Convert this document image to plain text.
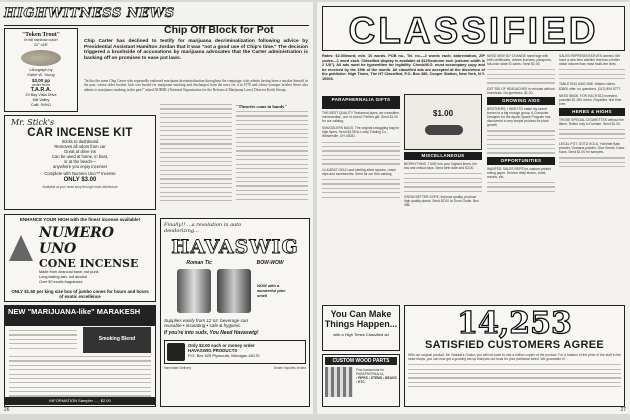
HIGHWITNESS NEWS
"Token Trout"
in full rainbow color!
22" x28"
Lithograph by
Kathe W. Young
$3.00 pp
order from
T.A.R.A.
29 Bay Vista Drive
Mill Valley
Calif. 94941
Mr. Stick's
CAR INCENSE KIT
Sticks to dashboard
Removes all odors from car
Great at drive ins
Can be used at home, in boat,
or at the beach—
anywhere you enjoy incense!
Complete with Numero Uno™ Incense
ONLY $3.00
Available at your head shop through most distributors
ENHANCE YOUR HIGH with the finest incense available!
NUMERO UNO
CONE INCENSE
Made from charcoal base, not punk
Long lasting ash, not alcohol
Over 50 exotic fragrances
ONLY $1.50 per king size box of jumbo cones for hours and hours of exotic excellence
Available at your head shop through most distributors
NEW "MARIJUANA-like" MARAKESH
Smoking Blend
INFORMATION Sampler ..... $2.00
Chip Off Block for Pot
Chip Carter has declined to testify for marijuana decriminalization following advice by Presidential Assistant Hamilton Jordan that it was "not a good use of Chip's time." The decision triggered a brushside of accusations by marijuana advocates that the Carter administration is backing off on promises to ease pot laws.
"In this the same Chip Carter who repeatedly endorsed marijuana decriminalization throughout the campaign, who admits having been a smoker himself in the past, whose older brother Jack was busted for marijuana smoking and discharged from the navy for it in 1970 and whose younger brother Steve also admits to marijuana smoking in the past?" asked NORML (National Organization for the Reform of Marijuana Laws) Director Keith Stroup.
"Theories come in handy"
Finally!! ...a revolution in auto deodorizing...
HAVASWIG
Roman Tic	BOW-WOW
NOW with a wonderful pine smell
Supplies easily from 12 oz. beverage can
reusable • insulating • safe & hygienic
If you're into suds, You Need Havaswig!
Only $2.00 each or money order
HAVASWIG PRODUCTS
P.O. Box 925 Plymouth, Michigan 48170
Immediate Delivery	Dealer inquiries invited
26
CLASSIFIED
Rates: $2.00/word; min. 10 words. POB no., Tel. no.—2 words each; abbreviation, ZIP codes—1 word each. Classified display is available at $125/column inch (column width is 2 1/8"). All ads must be typewritten for legibility. Check/M.O. must accompany copy and be received by the 15th of the month. All classified ads are accepted at the discretion of the publisher. High Times, The HT Classified, P.O. Box 386, Cooper Station, New York, N.Y. 10003.
PARAPHERNALIA GIFTS
THE BEST QUALITY Teakwood pipes, art curiosities, merchandise, one of a kind. Perfect gift. Send $1.00 for our catalog.
SMUGGLERS BAGS. The original smuggling bag for high flyers. Send $4.95 to Lucky Trading Co., Westerville, OH 43081.
14-KARAT GOLD and sterling silver spoons, roach clips and accessories. Send for our free catalog.
$1.00
MISCELLANEOUS
BIORHYTHMS. TUNE into your highest times, the low and critical days. Send birth date and $3.00.
GROW BETTER DOPE, improve quality, produce high quality plants. Send $2.00 to Grow Guide, Box 386.
NEED NEW ID? CHANGE name/age with birth certificates, drivers licenses, passports, full-color state ID cards. Send $1.00.
GET RID OF HEADACHES in minutes without chemicals. No gimmicks. $1.00.
GROWING AIDS
BROTHERS, I WISH TO make my secret known to a big enough group. A Computer Designer for the Apollo Space Program has discovered a very simple process for plant growth.
OPPORTUNITIES
WANTED: SALES REPS for custom-printed rolling paper. Service retail stores, clubs, resorts, etc.
SALES REPRESENTATIVES wanted. We have a new item sideline that has a better dollar volume than most multi-line lines.
TABLETING MACHINE. Makes rollers, $3800 offer, no questions. (312) 894-9777.
NEED $5000. FOR EACH $10 invested, possible $1,000 return. Royalties, first time ever.
HERBS & HIGHS
THOSE SPECIAL CIGARETTES without the filters. Rolled only in Durham. Send $1.00.
LEGAL POT, GOTU KOLA, Yohimbe Bark powder, Guarana powder, Diva Seeds, Kava-Kava. Send $1.00 for samples.
You Can Make Things Happen...
with a High Times Classified ad
CUSTOM WOOD PARTS
Fine hardwoods for PARAPHERNALIA
• PIPES • STEMS • BEADS • ETC
14,253
SATISFIED CUSTOMERS AGREE
With our original product, Mr. Natural's Oxidol, you will not have to use a million copies of the product. For a fraction of the price of the stuff in the head shops, you can now get a growing set-up that puts out buds for your particular weed. We guarantee it!
27
